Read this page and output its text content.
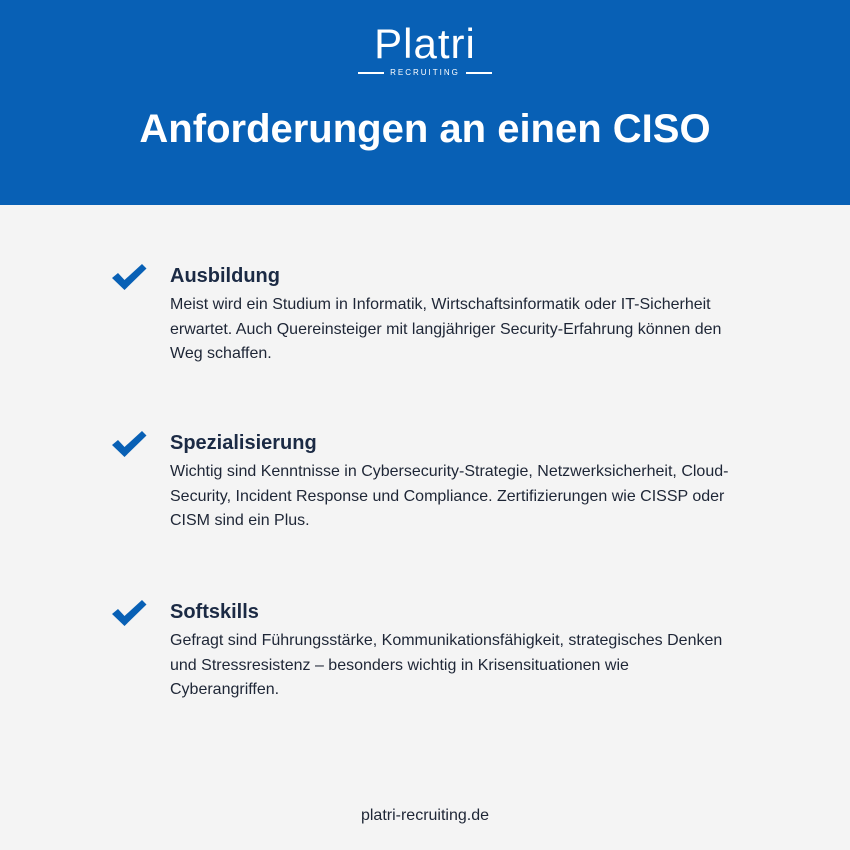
Platri
RECRUITING
Anforderungen an einen CISO
Ausbildung
Meist wird ein Studium in Informatik, Wirtschaftsinformatik oder IT-Sicherheit erwartet. Auch Quereinsteiger mit langjähriger Security-Erfahrung können den Weg schaffen.
Spezialisierung
Wichtig sind Kenntnisse in Cybersecurity-Strategie, Netzwerksicherheit, Cloud-Security, Incident Response und Compliance. Zertifizierungen wie CISSP oder CISM sind ein Plus.
Softskills
Gefragt sind Führungsstärke, Kommunikationsfähigkeit, strategisches Denken und Stressresistenz – besonders wichtig in Krisensituationen wie Cyberangriffen.
platri-recruiting.de
